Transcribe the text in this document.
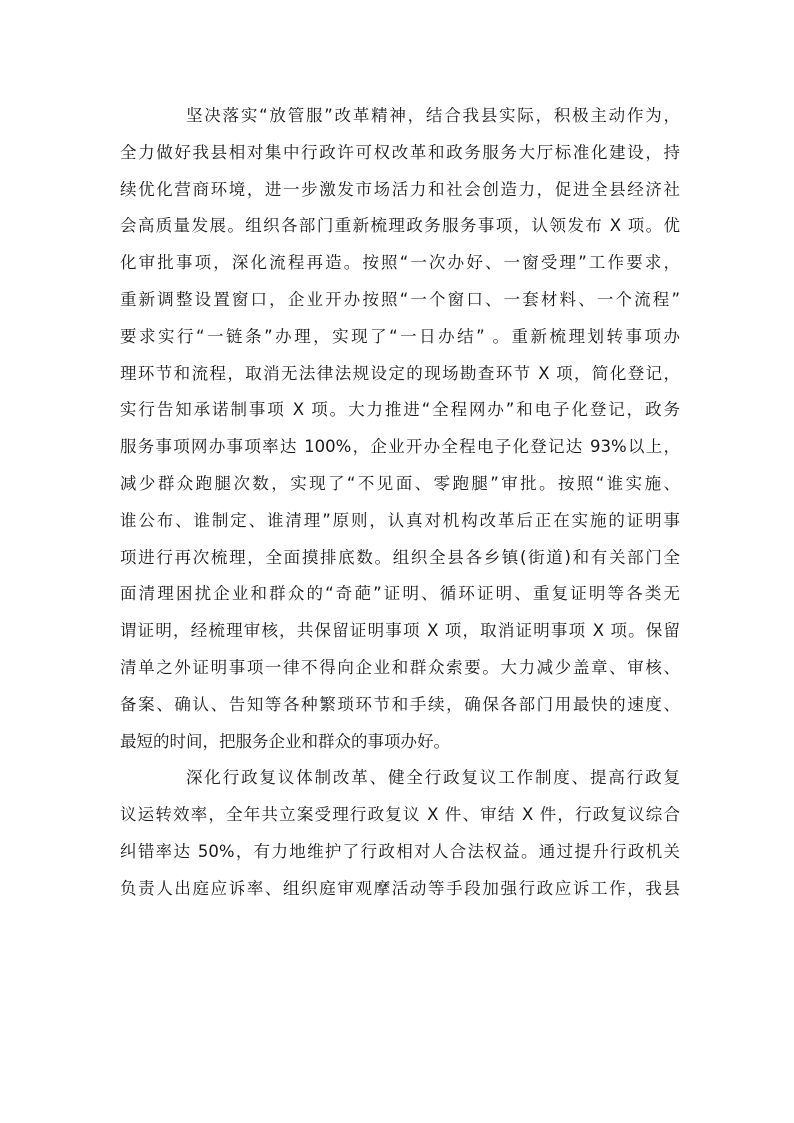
坚决落实“放管服”改革精神，结合我县实际，积极主动作为，
全力做好我县相对集中行政许可权改革和政务服务大厅标准化建设，持
续优化营商环境，进一步激发市场活力和社会创造力，促进全县经济社
会高质量发展。组织各部门重新梳理政务服务事项，认领发布 X 项。优
化审批事项，深化流程再造。按照“一次办好、一窗受理”工作要求，
重新调整设置窗口，企业开办按照“一个窗口、一套材料、一个流程”
要求实行“一链条”办理，实现了“一日办结” 。重新梳理划转事项办
理环节和流程，取消无法律法规设定的现场勘查环节 X 项，简化登记，
实行告知承诺制事项 X 项。大力推进“全程网办”和电子化登记，政务
服务事项网办事项率达 100%，企业开办全程电子化登记达 93%以上，
减少群众跑腿次数，实现了“不见面、零跑腿”审批。按照“谁实施、
谁公布、谁制定、谁清理”原则，认真对机构改革后正在实施的证明事
项进行再次梳理，全面摸排底数。组织全县各乡镇(街道)和有关部门全
面清理困扰企业和群众的“奇葩”证明、循环证明、重复证明等各类无
谓证明，经梳理审核，共保留证明事项 X 项，取消证明事项 X 项。保留
清单之外证明事项一律不得向企业和群众索要。大力减少盖章、审核、
备案、确认、告知等各种繁琐环节和手续，确保各部门用最快的速度、
最短的时间，把服务企业和群众的事项办好。
深化行政复议体制改革、健全行政复议工作制度、提高行政复
议运转效率，全年共立案受理行政复议 X 件、审结 X 件，行政复议综合
纠错率达 50%，有力地维护了行政相对人合法权益。通过提升行政机关
负责人出庭应诉率、组织庭审观摩活动等手段加强行政应诉工作，我县
